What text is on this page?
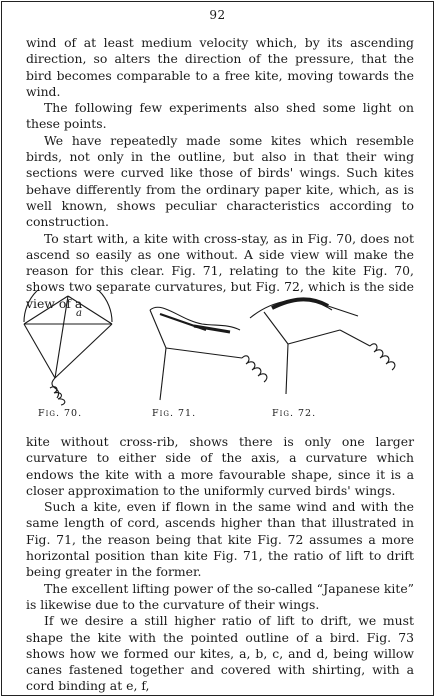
92

wind of at least medium velocity which, by its ascending direction, so alters the direction of the pressure, that the bird becomes comparable to a free kite, moving towards the wind.

The following few experiments also shed some light on these points.

We have repeatedly made some kites which resemble birds, not only in the outline, but also in that their wing sections were curved like those of birds' wings. Such kites behave differently from the ordinary paper kite, which, as is well known, shows peculiar characteristics according to construction.

To start with, a kite with cross-stay, as in Fig. 70, does not ascend so easily as one without. A side view will make the reason for this clear. Fig. 71, relating to the kite Fig. 70, shows two separate curvatures, but Fig. 72, which is the side view of a

a
Fig. 70.	Fig. 71.	Fig. 72.

kite without cross-rib, shows there is only one larger curvature to either side of the axis, a curvature which endows the kite with a more favourable shape, since it is a closer approximation to the uniformly curved birds' wings.

Such a kite, even if flown in the same wind and with the same length of cord, ascends higher than that illustrated in Fig. 71, the reason being that kite Fig. 72 assumes a more horizontal position than kite Fig. 71, the ratio of lift to drift being greater in the former.

The excellent lifting power of the so-called “Japanese kite” is likewise due to the curvature of their wings.

If we desire a still higher ratio of lift to drift, we must shape the kite with the pointed outline of a bird. Fig. 73 shows how we formed our kites, a, b, c, and d, being willow canes fastened together and covered with shirting, with a cord binding at e, f,
